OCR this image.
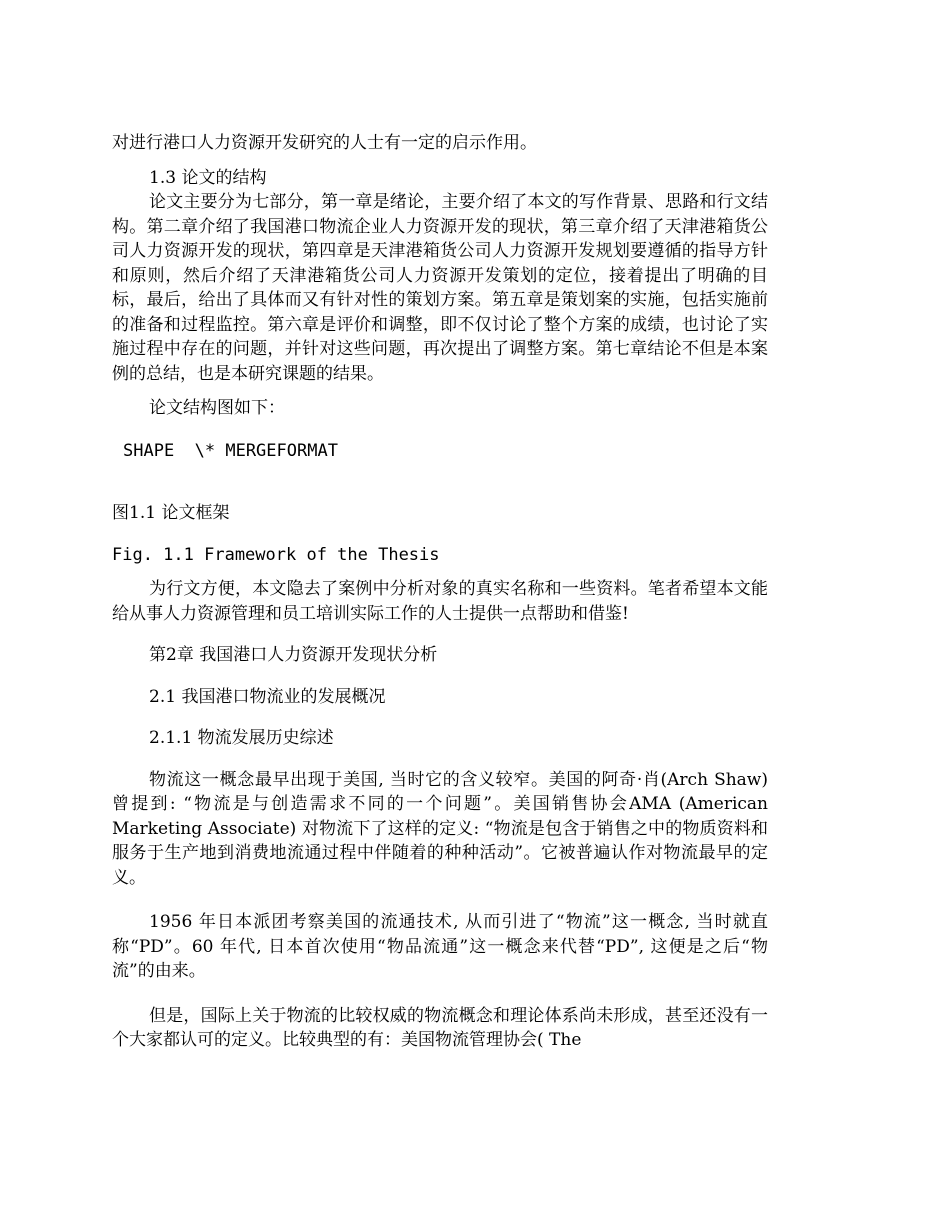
对进行港口人力资源开发研究的人士有一定的启示作用。

1.3 论文的结构

论文主要分为七部分，第一章是绪论，主要介绍了本文的写作背景、思路和行文结构。第二章介绍了我国港口物流企业人力资源开发的现状，第三章介绍了天津港箱货公司人力资源开发的现状，第四章是天津港箱货公司人力资源开发规划要遵循的指导方针和原则，然后介绍了天津港箱货公司人力资源开发策划的定位，接着提出了明确的目标，最后，给出了具体而又有针对性的策划方案。第五章是策划案的实施，包括实施前的准备和过程监控。第六章是评价和调整，即不仅讨论了整个方案的成绩，也讨论了实施过程中存在的问题，并针对这些问题，再次提出了调整方案。第七章结论不但是本案例的总结，也是本研究课题的结果。

论文结构图如下：

SHAPE  \* MERGEFORMAT

图1.1 论文框架

Fig. 1.1 Framework of the Thesis

为行文方便，本文隐去了案例中分析对象的真实名称和一些资料。笔者希望本文能给从事人力资源管理和员工培训实际工作的人士提供一点帮助和借鉴!

第2章 我国港口人力资源开发现状分析

2.1 我国港口物流业的发展概况

2.1.1 物流发展历史综述

物流这一概念最早出现于美国, 当时它的含义较窄。美国的阿奇·肖(Arch Shaw) 曾提到: “物流是与创造需求不同的一个问题”。美国销售协会AMA (American Marketing Associate) 对物流下了这样的定义: “物流是包含于销售之中的物质资料和服务于生产地到消费地流通过程中伴随着的种种活动”。它被普遍认作对物流最早的定义。

1956 年日本派团考察美国的流通技术, 从而引进了“物流”这一概念, 当时就直称“PD”。60 年代, 日本首次使用“物品流通”这一概念来代替“PD”, 这便是之后“物流”的由来。

但是，国际上关于物流的比较权威的物流概念和理论体系尚未形成，甚至还没有一个大家都认可的定义。比较典型的有：美国物流管理协会( The
